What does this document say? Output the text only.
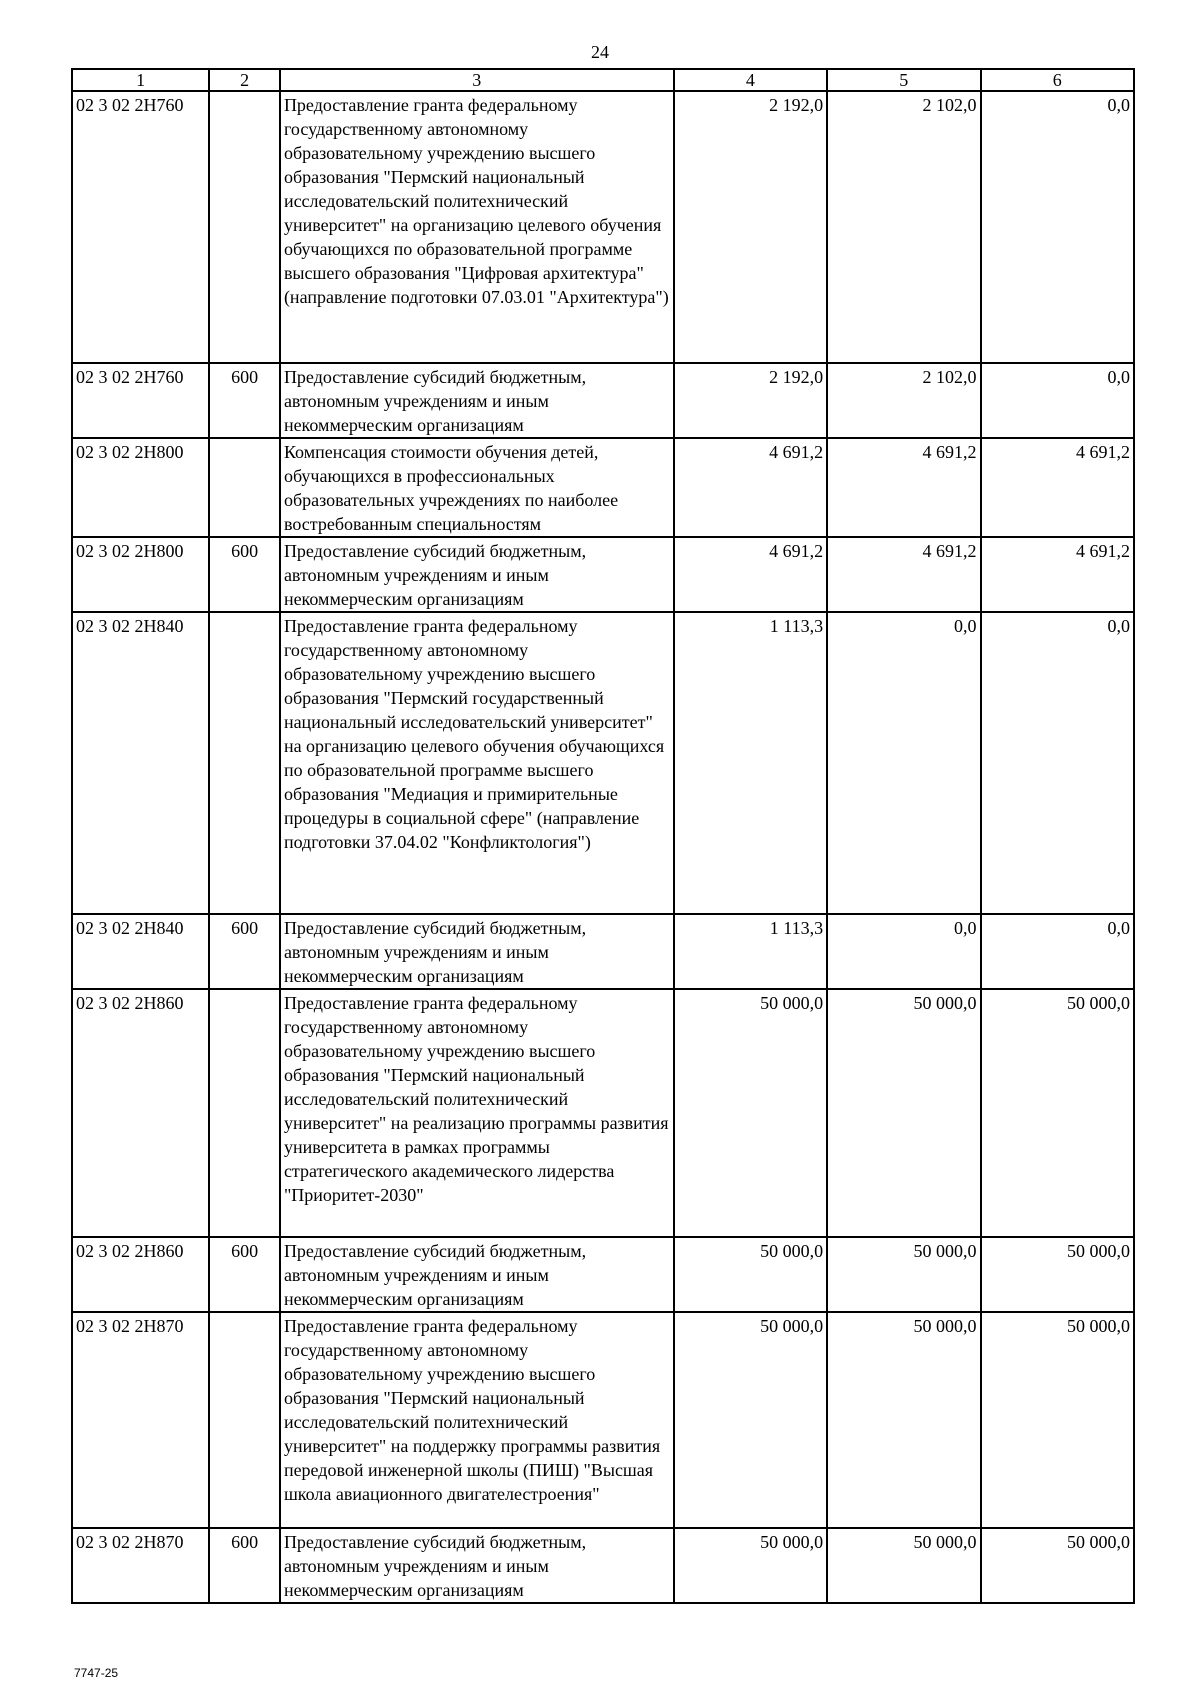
24
1	2	3	4	5	6
02 3 02 2Н760		Предоставление гранта федеральному государственному автономному образовательному учреждению высшего образования "Пермский национальный исследовательский политехнический университет" на организацию целевого обучения обучающихся по образовательной программе высшего образования "Цифровая архитектура" (направление подготовки 07.03.01 "Архитектура")	2 192,0	2 102,0	0,0
02 3 02 2Н760	600	Предоставление субсидий бюджетным, автономным учреждениям и иным некоммерческим организациям	2 192,0	2 102,0	0,0
02 3 02 2Н800		Компенсация стоимости обучения детей, обучающихся в профессиональных образовательных учреждениях по наиболее востребованным специальностям	4 691,2	4 691,2	4 691,2
02 3 02 2Н800	600	Предоставление субсидий бюджетным, автономным учреждениям и иным некоммерческим организациям	4 691,2	4 691,2	4 691,2
02 3 02 2Н840		Предоставление гранта федеральному государственному автономному образовательному учреждению высшего образования "Пермский государственный национальный исследовательский университет" на организацию целевого обучения обучающихся по образовательной программе высшего образования "Медиация и примирительные процедуры в социальной сфере" (направление подготовки 37.04.02 "Конфликтология")	1 113,3	0,0	0,0
02 3 02 2Н840	600	Предоставление субсидий бюджетным, автономным учреждениям и иным некоммерческим организациям	1 113,3	0,0	0,0
02 3 02 2Н860		Предоставление гранта федеральному государственному автономному образовательному учреждению высшего образования "Пермский национальный исследовательский политехнический университет" на реализацию программы развития университета в рамках программы стратегического академического лидерства "Приоритет-2030"	50 000,0	50 000,0	50 000,0
02 3 02 2Н860	600	Предоставление субсидий бюджетным, автономным учреждениям и иным некоммерческим организациям	50 000,0	50 000,0	50 000,0
02 3 02 2Н870		Предоставление гранта федеральному государственному автономному образовательному учреждению высшего образования "Пермский национальный исследовательский политехнический университет" на поддержку программы развития передовой инженерной школы (ПИШ) "Высшая школа авиационного двигателестроения"	50 000,0	50 000,0	50 000,0
02 3 02 2Н870	600	Предоставление субсидий бюджетным, автономным учреждениям и иным некоммерческим организациям	50 000,0	50 000,0	50 000,0
7747-25
